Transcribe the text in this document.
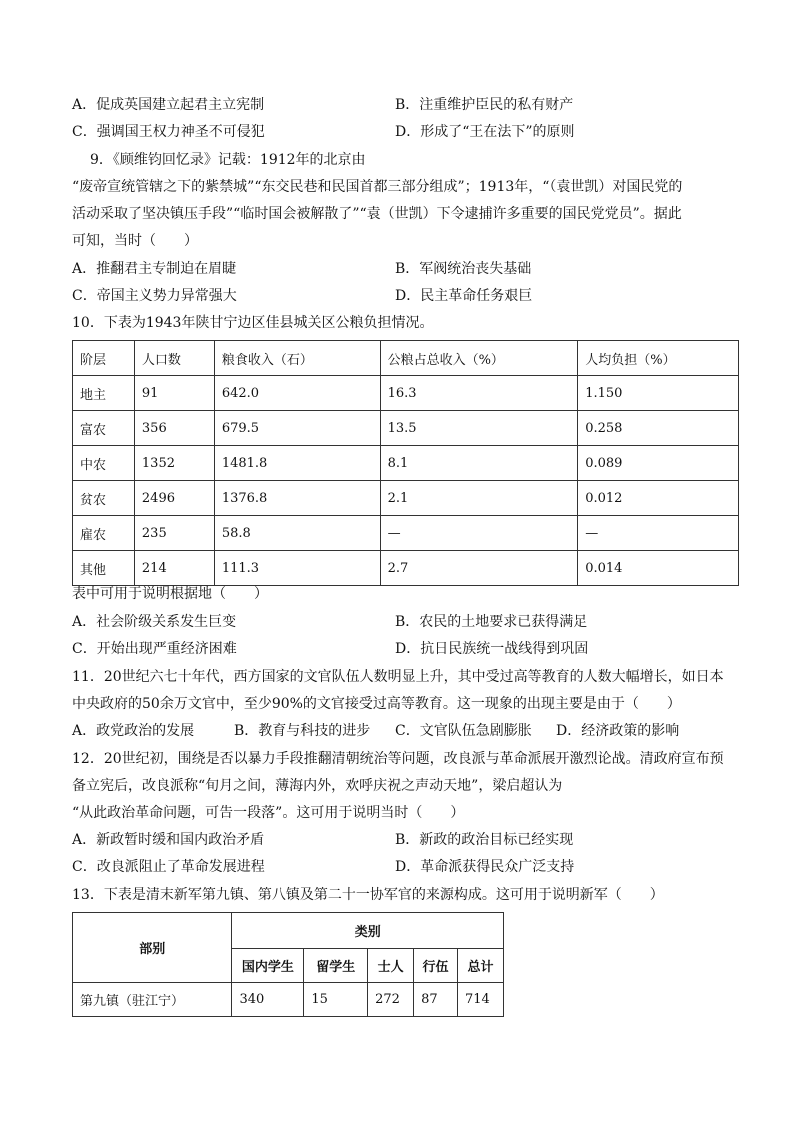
A．促成英国建立起君主立宪制	B．注重维护臣民的私有财产
C．强调国王权力神圣不可侵犯	D．形成了“王在法下”的原则
9．《顾维钧回忆录》记载：1912年的北京由
“废帝宣统管辖之下的紫禁城”“东交民巷和民国首都三部分组成”；1913年，“（袁世凯）对国民党的
活动采取了坚决镇压手段”“临时国会被解散了”“袁（世凯）下令逮捕许多重要的国民党党员”。据此
可知，当时（　　）
A．推翻君主专制迫在眉睫	B．军阀统治丧失基础
C．帝国主义势力异常强大	D．民主革命任务艰巨
10．下表为1943年陕甘宁边区佳县城关区公粮负担情况。
阶层	人口数	粮食收入（石）	公粮占总收入（%）	人均负担（%）
地主	91	642.0	16.3	1.150
富农	356	679.5	13.5	0.258
中农	1352	1481.8	8.1	0.089
贫农	2496	1376.8	2.1	0.012
雇农	235	58.8	—	—
其他	214	111.3	2.7	0.014
表中可用于说明根据地（　　）
A．社会阶级关系发生巨变	B．农民的土地要求已获得满足
C．开始出现严重经济困难	D．抗日民族统一战线得到巩固
11．20世纪六七十年代，西方国家的文官队伍人数明显上升，其中受过高等教育的人数大幅增长，如日本
中央政府的50余万文官中，至少90%的文官接受过高等教育。这一现象的出现主要是由于（　　）
A．政党政治的发展	B．教育与科技的进步 C．文官队伍急剧膨胀 D．经济政策的影响
12．20世纪初，围绕是否以暴力手段推翻清朝统治等问题，改良派与革命派展开激烈论战。清政府宣布预
备立宪后，改良派称“旬月之间，薄海内外，欢呼庆祝之声动天地”，梁启超认为
“从此政治革命问题，可告一段落”。这可用于说明当时（　　）
A．新政暂时缓和国内政治矛盾	B．新政的政治目标已经实现
C．改良派阻止了革命发展进程	D．革命派获得民众广泛支持
13．下表是清末新军第九镇、第八镇及第二十一协军官的来源构成。这可用于说明新军（　　）
部别	类别				
	国内学生	留学生	士人	行伍	总计
第九镇（驻江宁）	340	15	272	87	714
